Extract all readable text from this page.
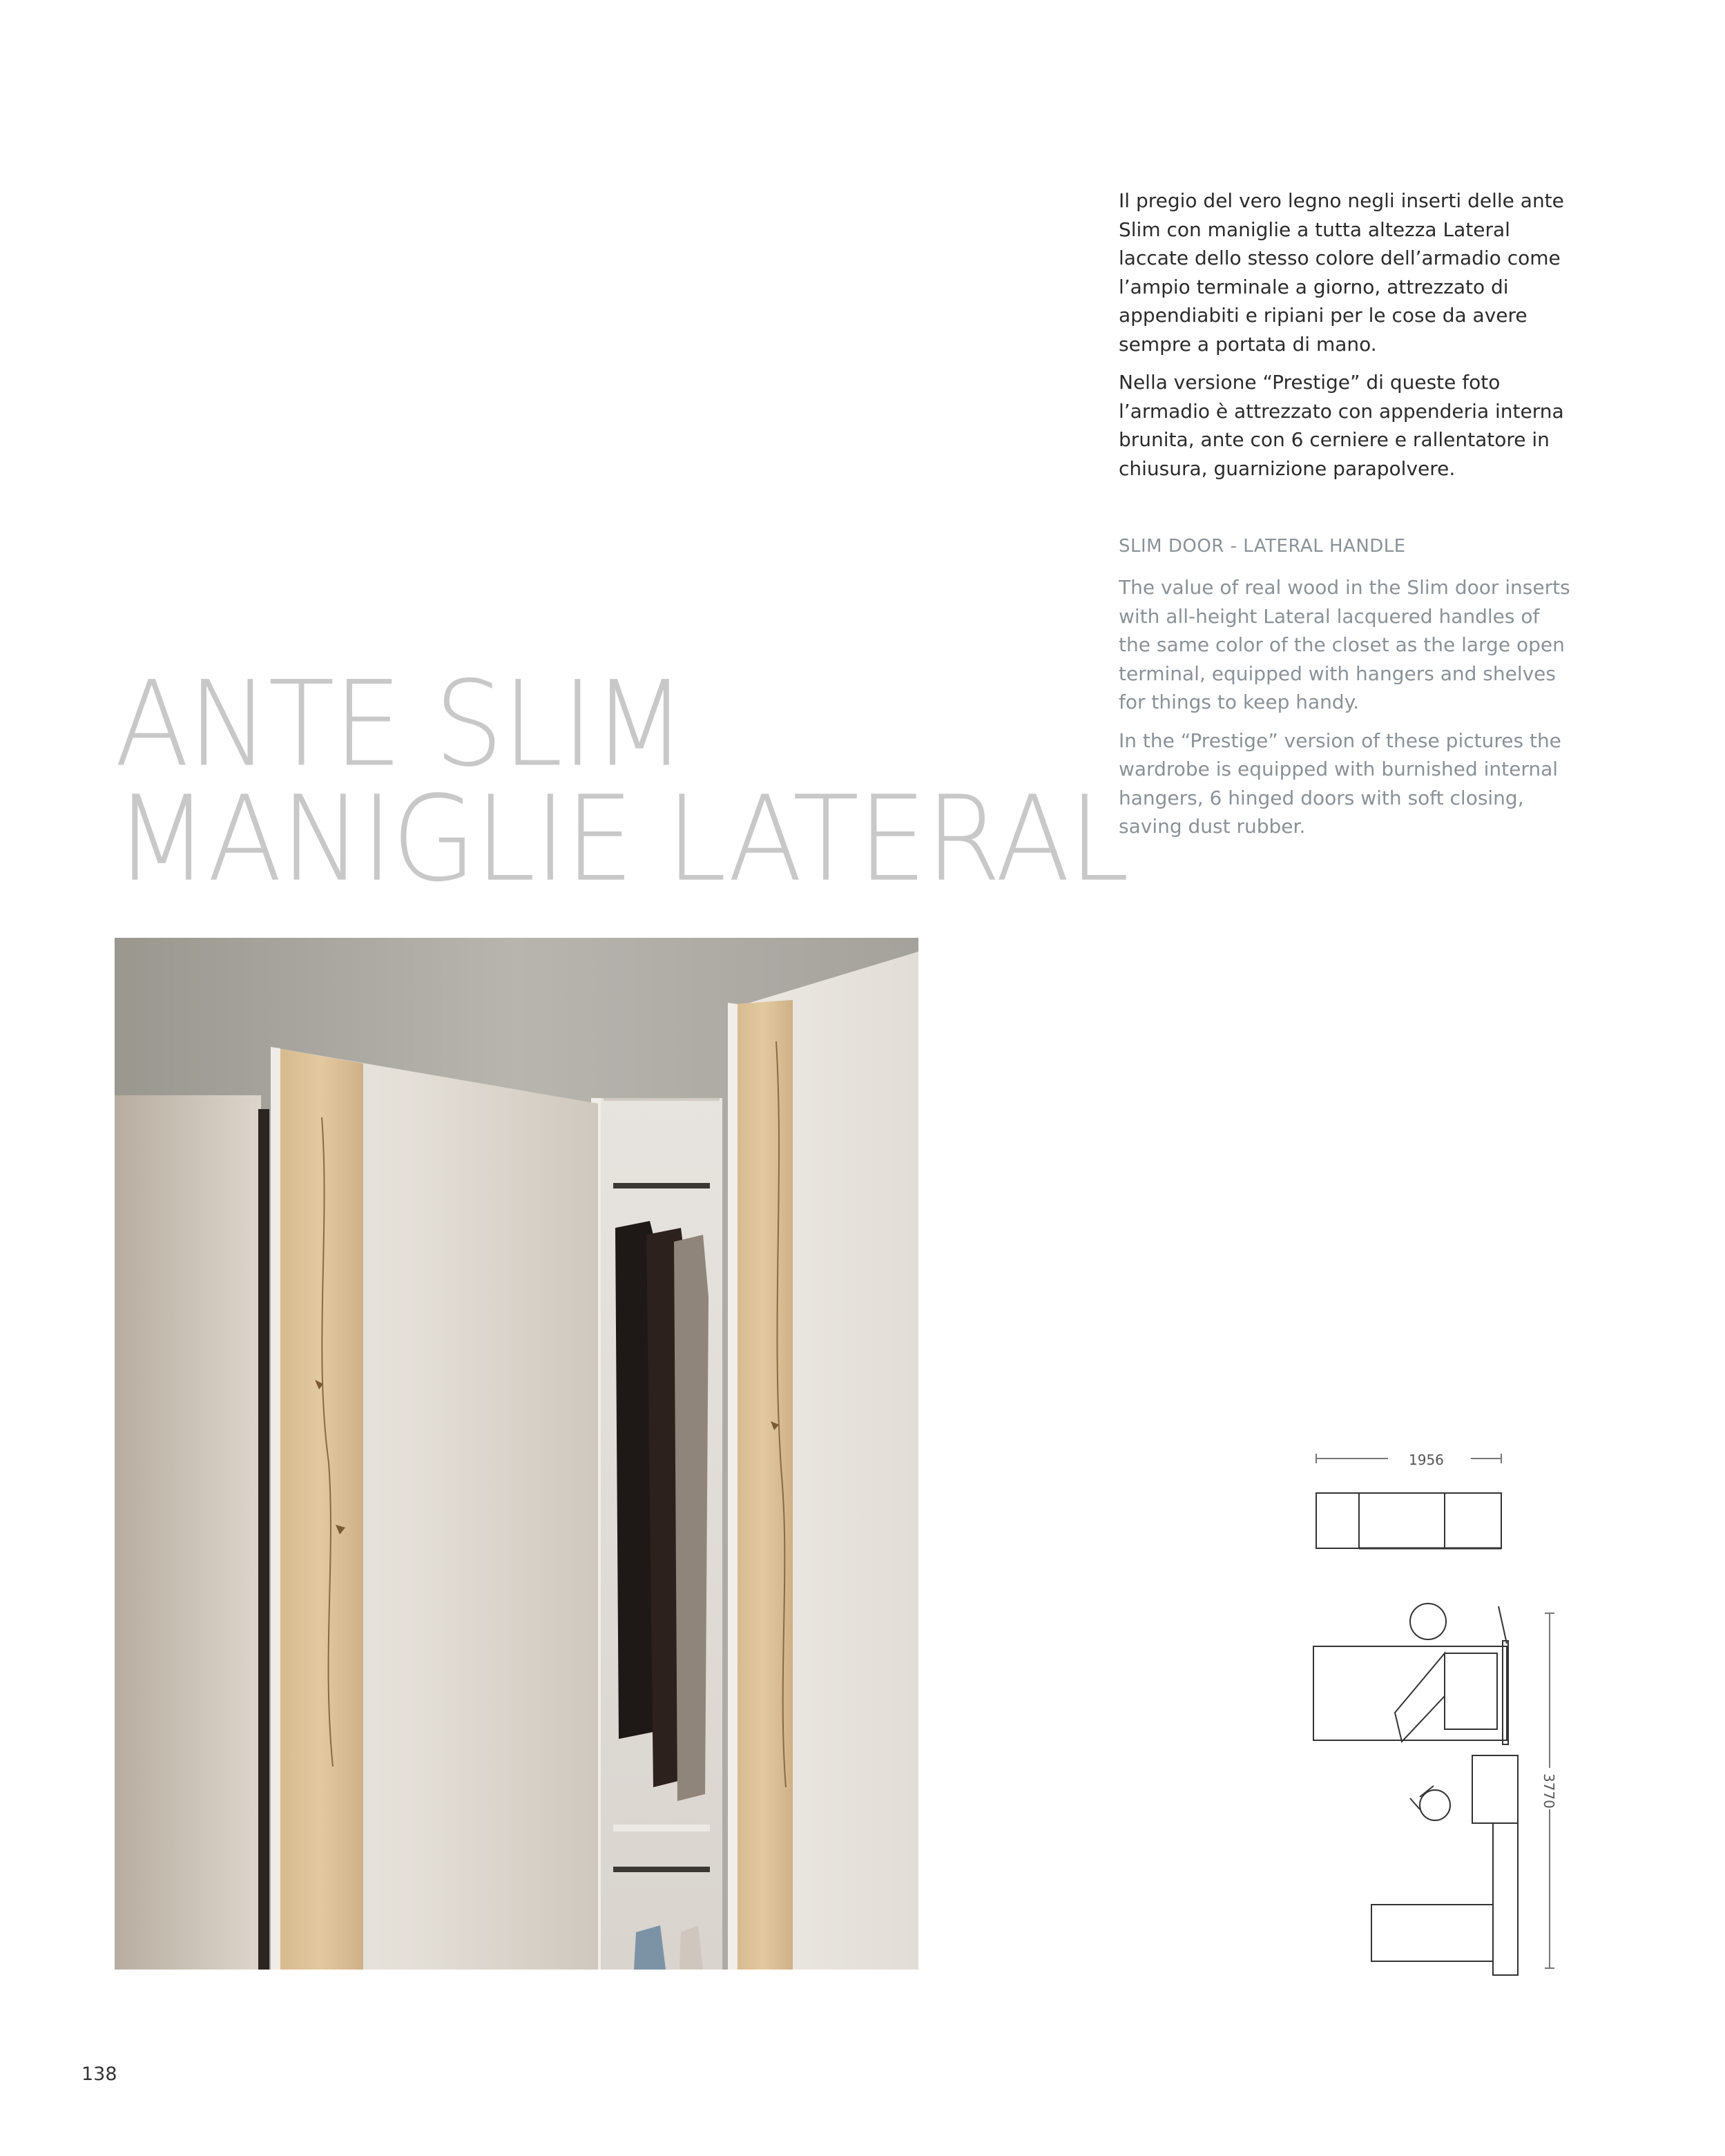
Il pregio del vero legno negli inserti delle ante Slim con maniglie a tutta altezza Lateral laccate dello stesso colore dell’armadio come l’ampio terminale a giorno, attrezzato di appendiabiti e ripiani per le cose da avere sempre a portata di mano.

Nella versione “Prestige” di queste foto l’armadio è attrezzato con appenderia interna brunita, ante con 6 cerniere e rallentatore in chiusura, guarnizione parapolvere.

SLIM DOOR - LATERAL HANDLE

The value of real wood in the Slim door inserts with all-height Lateral lacquered handles of the same color of the closet as the large open terminal, equipped with hangers and shelves for things to keep handy.

In the “Prestige” version of these pictures the wardrobe is equipped with burnished internal hangers, 6 hinged doors with soft closing, saving dust rubber.

ANTE SLIM
MANIGLIE LATERAL
1956
3770
138
